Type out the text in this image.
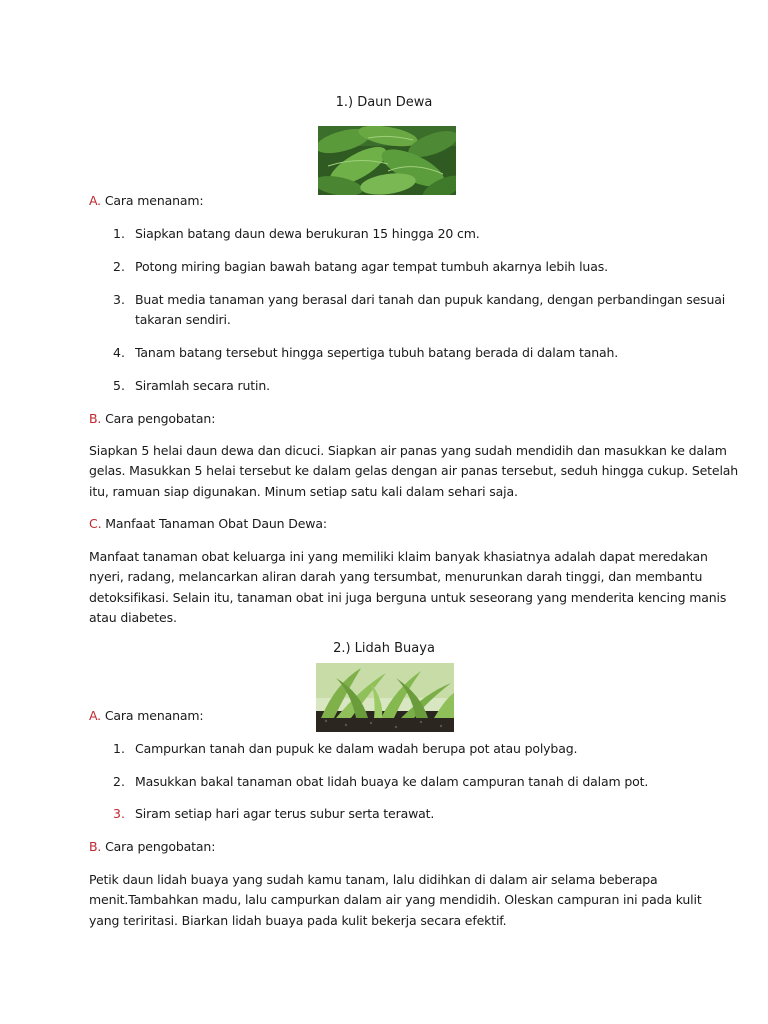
1.) Daun Dewa
A. Cara menanam:
1. Siapkan batang daun dewa berukuran 15 hingga 20 cm.
2. Potong miring bagian bawah batang agar tempat tumbuh akarnya lebih luas.
3. Buat media tanaman yang berasal dari tanah dan pupuk kandang, dengan perbandingan sesuai
takaran sendiri.
4. Tanam batang tersebut hingga sepertiga tubuh batang berada di dalam tanah.
5. Siramlah secara rutin.
B. Cara pengobatan:
Siapkan 5 helai daun dewa dan dicuci. Siapkan air panas yang sudah mendidih dan masukkan ke dalam
gelas. Masukkan 5 helai tersebut ke dalam gelas dengan air panas tersebut, seduh hingga cukup. Setelah
itu, ramuan siap digunakan. Minum setiap satu kali dalam sehari saja.
C. Manfaat Tanaman Obat Daun Dewa:
Manfaat tanaman obat keluarga ini yang memiliki klaim banyak khasiatnya adalah dapat meredakan
nyeri, radang, melancarkan aliran darah yang tersumbat, menurunkan darah tinggi, dan membantu
detoksifikasi. Selain itu, tanaman obat ini juga berguna untuk seseorang yang menderita kencing manis
atau diabetes.
2.) Lidah Buaya
A. Cara menanam:
1. Campurkan tanah dan pupuk ke dalam wadah berupa pot atau polybag.
2. Masukkan bakal tanaman obat lidah buaya ke dalam campuran tanah di dalam pot.
3. Siram setiap hari agar terus subur serta terawat.
B. Cara pengobatan:
Petik daun lidah buaya yang sudah kamu tanam, lalu didihkan di dalam air selama beberapa
menit.Tambahkan madu, lalu campurkan dalam air yang mendidih. Oleskan campuran ini pada kulit
yang teriritasi. Biarkan lidah buaya pada kulit bekerja secara efektif.
